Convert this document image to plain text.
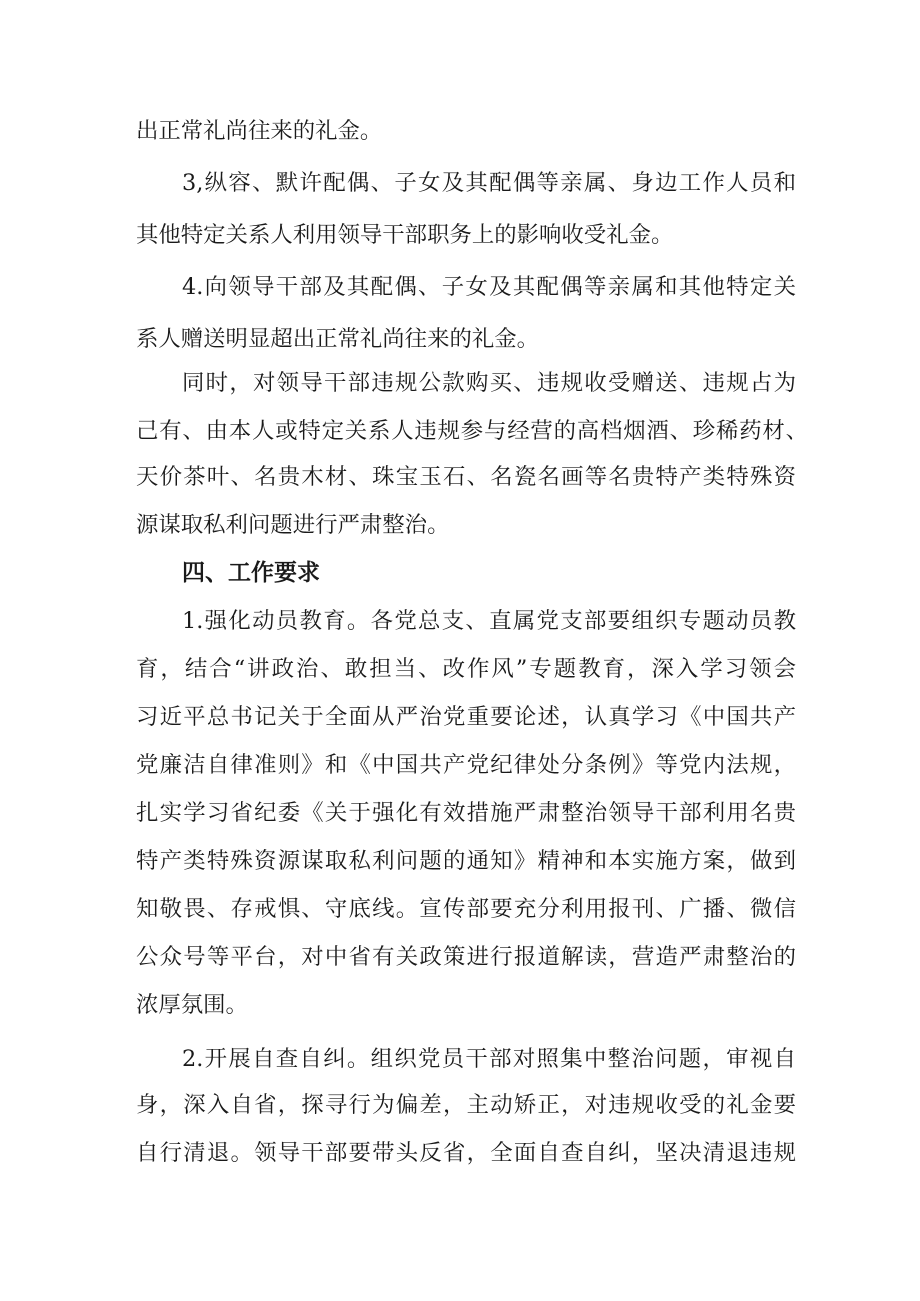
出正常礼尚往来的礼金。
3,纵容、默许配偶、子女及其配偶等亲属、身边工作人员和
其他特定关系人利用领导干部职务上的影响收受礼金。
4.向领导干部及其配偶、子女及其配偶等亲属和其他特定关
系人赠送明显超出正常礼尚往来的礼金。
同时，对领导干部违规公款购买、违规收受赠送、违规占为
己有、由本人或特定关系人违规参与经营的高档烟酒、珍稀药材、
天价茶叶、名贵木材、珠宝玉石、名瓷名画等名贵特产类特殊资
源谋取私利问题进行严肃整治。
四、工作要求
1.强化动员教育。各党总支、直属党支部要组织专题动员教
育，结合“讲政治、敢担当、改作风”专题教育，深入学习领会
习近平总书记关于全面从严治党重要论述，认真学习《中国共产
党廉洁自律准则》和《中国共产党纪律处分条例》等党内法规，
扎实学习省纪委《关于强化有效措施严肃整治领导干部利用名贵
特产类特殊资源谋取私利问题的通知》精神和本实施方案，做到
知敬畏、存戒惧、守底线。宣传部要充分利用报刊、广播、微信
公众号等平台，对中省有关政策进行报道解读，营造严肃整治的
浓厚氛围。
2.开展自查自纠。组织党员干部对照集中整治问题，审视自
身，深入自省，探寻行为偏差，主动矫正，对违规收受的礼金要
自行清退。领导干部要带头反省，全面自查自纠，坚决清退违规
